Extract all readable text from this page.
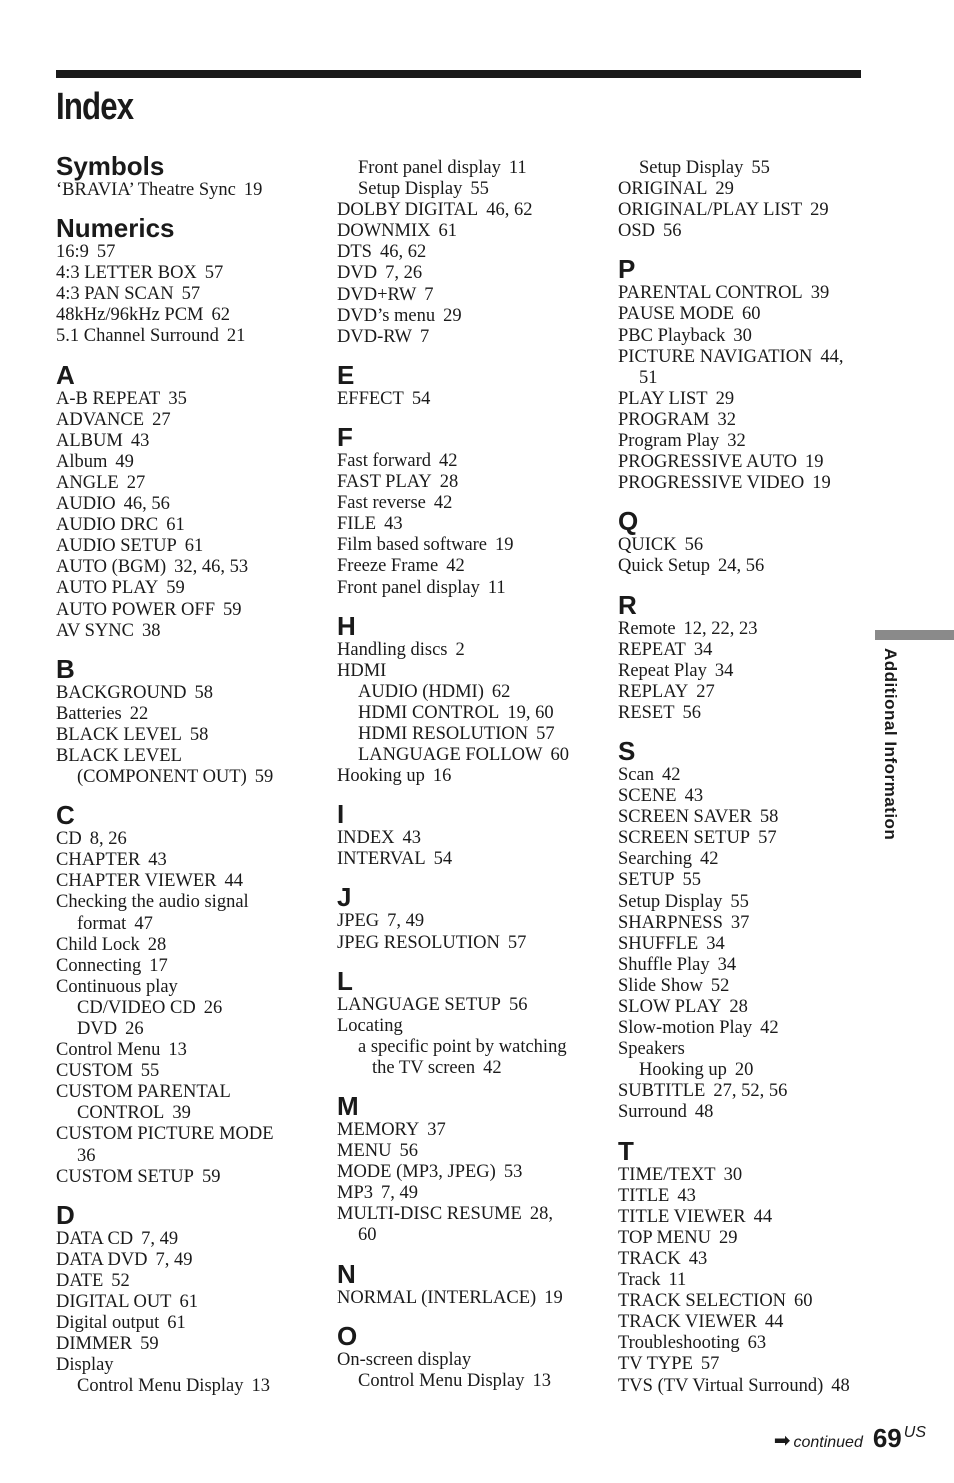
Index
Symbols
‘BRAVIA’ Theatre Sync 19
Numerics
16:9 57
4:3 LETTER BOX 57
4:3 PAN SCAN 57
48kHz/96kHz PCM 62
5.1 Channel Surround 21
A
A-B REPEAT 35
ADVANCE 27
ALBUM 43
Album 49
ANGLE 27
AUDIO 46, 56
AUDIO DRC 61
AUDIO SETUP 61
AUTO (BGM) 32, 46, 53
AUTO PLAY 59
AUTO POWER OFF 59
AV SYNC 38
B
BACKGROUND 58
Batteries 22
BLACK LEVEL 58
BLACK LEVEL
(COMPONENT OUT) 59
C
CD 8, 26
CHAPTER 43
CHAPTER VIEWER 44
Checking the audio signal
format 47
Child Lock 28
Connecting 17
Continuous play
CD/VIDEO CD 26
DVD 26
Control Menu 13
CUSTOM 55
CUSTOM PARENTAL
CONTROL 39
CUSTOM PICTURE MODE
36
CUSTOM SETUP 59
D
DATA CD 7, 49
DATA DVD 7, 49
DATE 52
DIGITAL OUT 61
Digital output 61
DIMMER 59
Display
Control Menu Display 13
Front panel display 11
Setup Display 55
DOLBY DIGITAL 46, 62
DOWNMIX 61
DTS 46, 62
DVD 7, 26
DVD+RW 7
DVD’s menu 29
DVD-RW 7
E
EFFECT 54
F
Fast forward 42
FAST PLAY 28
Fast reverse 42
FILE 43
Film based software 19
Freeze Frame 42
Front panel display 11
H
Handling discs 2
HDMI
AUDIO (HDMI) 62
HDMI CONTROL 19, 60
HDMI RESOLUTION 57
LANGUAGE FOLLOW 60
Hooking up 16
I
INDEX 43
INTERVAL 54
J
JPEG 7, 49
JPEG RESOLUTION 57
L
LANGUAGE SETUP 56
Locating
a specific point by watching
the TV screen 42
M
MEMORY 37
MENU 56
MODE (MP3, JPEG) 53
MP3 7, 49
MULTI-DISC RESUME 28,
60
N
NORMAL (INTERLACE) 19
O
On-screen display
Control Menu Display 13
Setup Display 55
ORIGINAL 29
ORIGINAL/PLAY LIST 29
OSD 56
P
PARENTAL CONTROL 39
PAUSE MODE 60
PBC Playback 30
PICTURE NAVIGATION 44,
51
PLAY LIST 29
PROGRAM 32
Program Play 32
PROGRESSIVE AUTO 19
PROGRESSIVE VIDEO 19
Q
QUICK 56
Quick Setup 24, 56
R
Remote 12, 22, 23
REPEAT 34
Repeat Play 34
REPLAY 27
RESET 56
S
Scan 42
SCENE 43
SCREEN SAVER 58
SCREEN SETUP 57
Searching 42
SETUP 55
Setup Display 55
SHARPNESS 37
SHUFFLE 34
Shuffle Play 34
Slide Show 52
SLOW PLAY 28
Slow-motion Play 42
Speakers
Hooking up 20
SUBTITLE 27, 52, 56
Surround 48
T
TIME/TEXT 30
TITLE 43
TITLE VIEWER 44
TOP MENU 29
TRACK 43
Track 11
TRACK SELECTION 60
TRACK VIEWER 44
Troubleshooting 63
TV TYPE 57
TVS (TV Virtual Surround) 48
Additional Information
➡ continued 69 US
